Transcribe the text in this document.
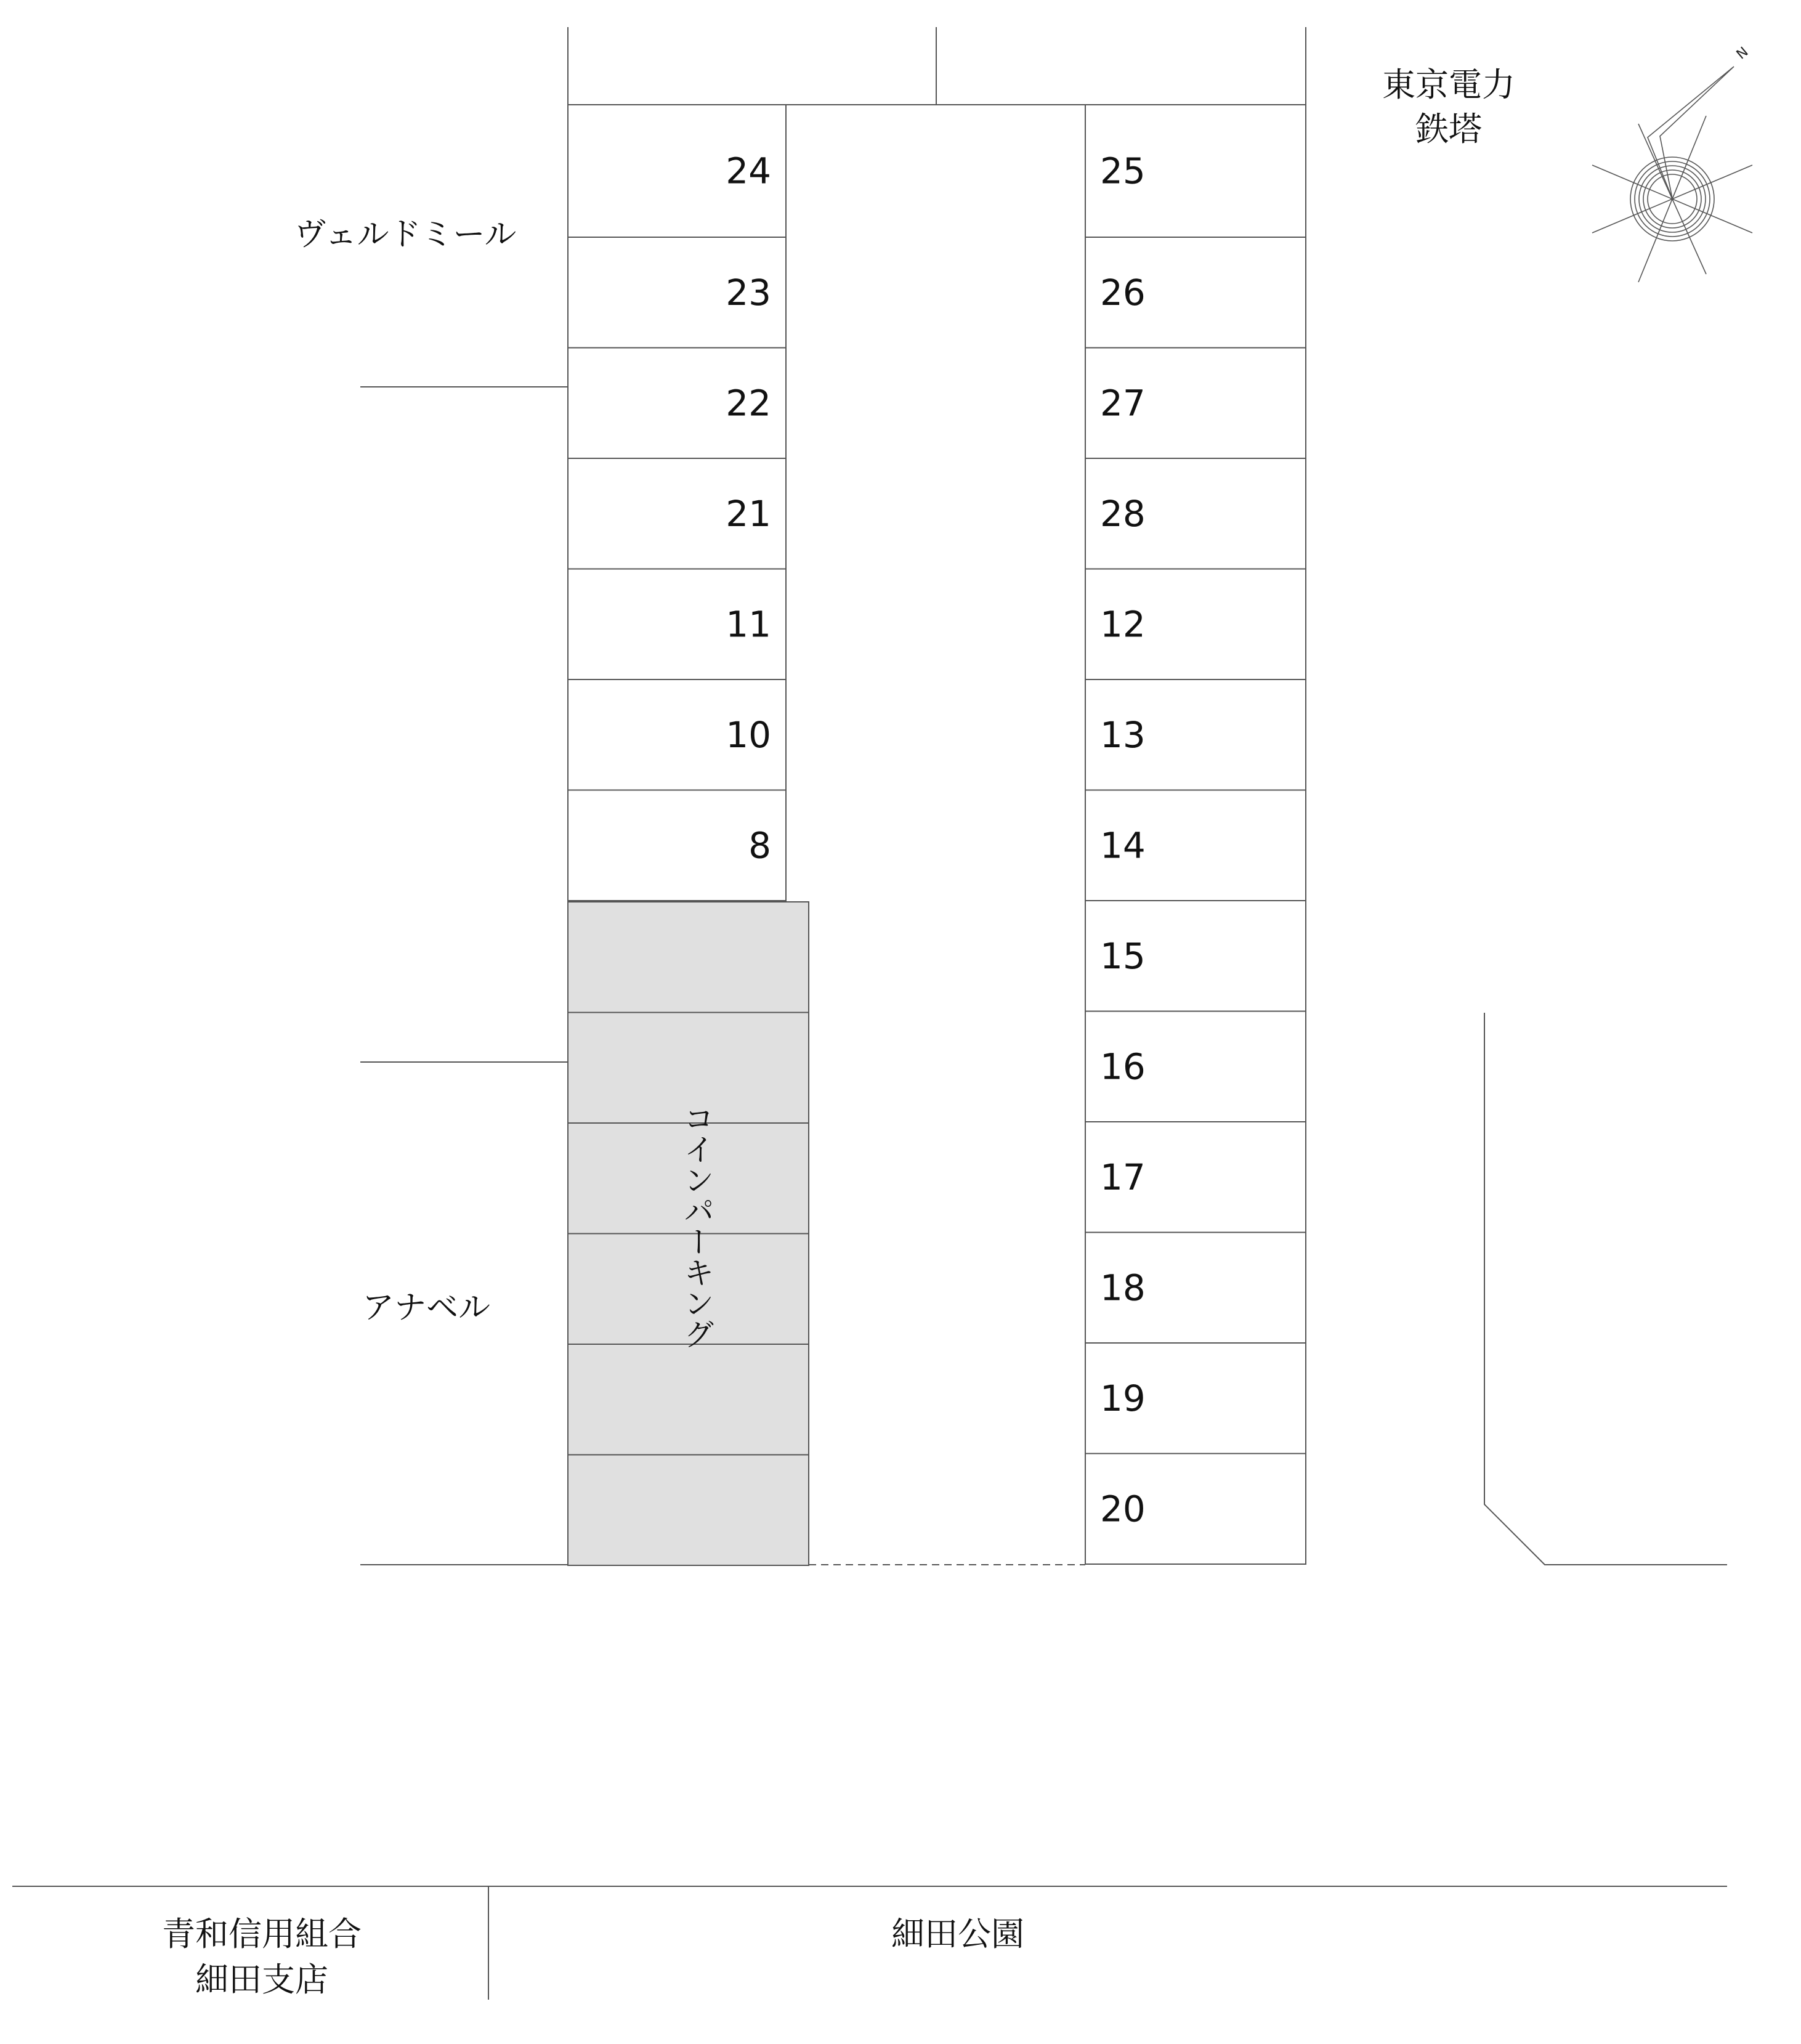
24
23
22
21
11
10
8
25
26
27
28
12
13
14
15
16
17
18
19
20
N
東京電力
鉄塔
ヴェルドミール
アナベル
青和信用組合
細田支店
細田公園
コインパーキング
